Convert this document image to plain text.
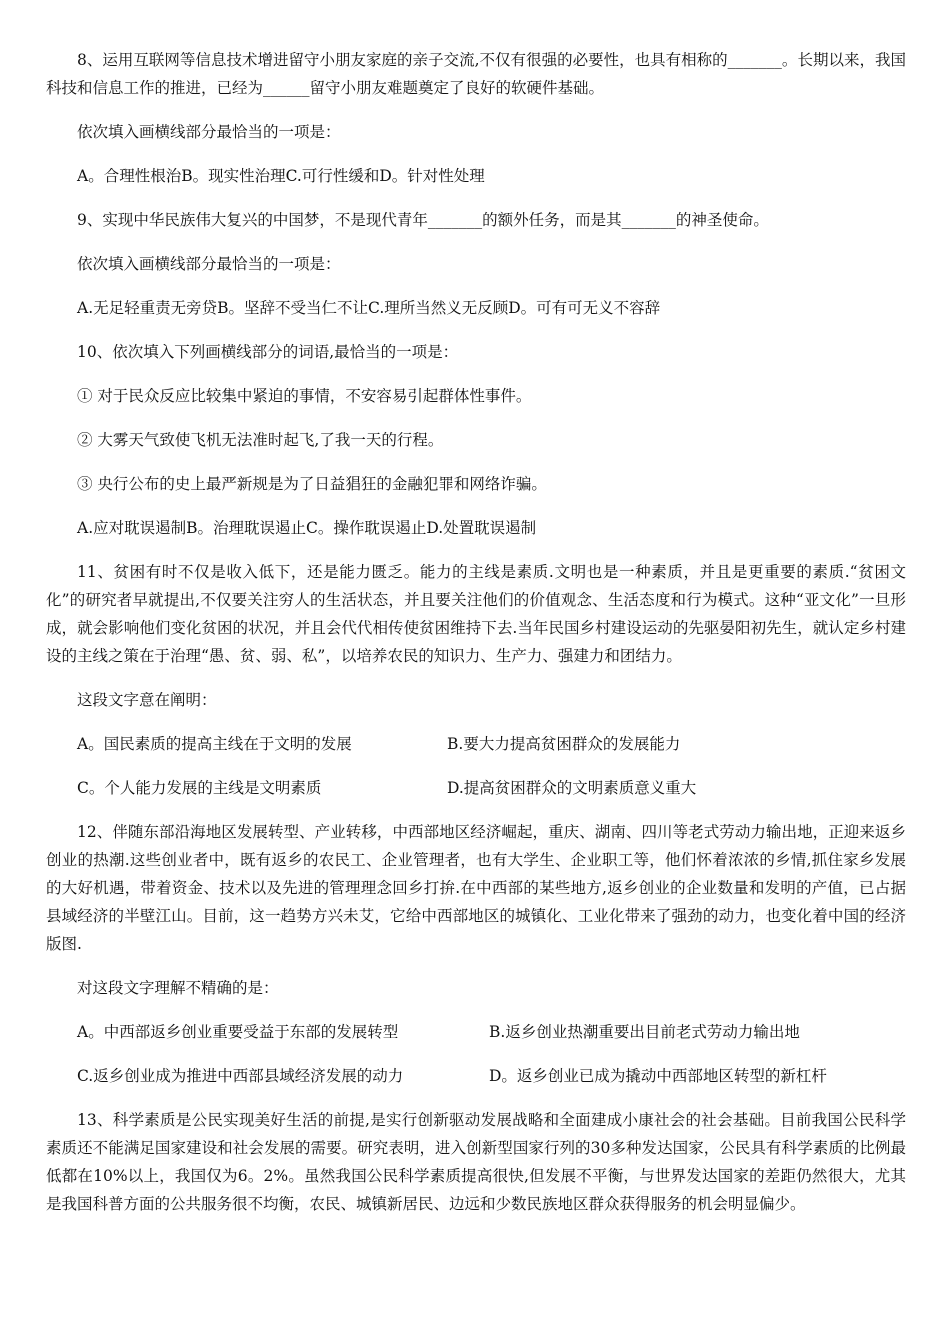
8、运用互联网等信息技术增进留守小朋友家庭的亲子交流,不仅有很强的必要性，也具有相称的_______。长期以来，我国科技和信息工作的推进，已经为______留守小朋友难题奠定了良好的软硬件基础。

依次填入画横线部分最恰当的一项是：

A。合理性根治B。现实性治理C.可行性缓和D。针对性处理

9、实现中华民族伟大复兴的中国梦，不是现代青年_______的额外任务，而是其_______的神圣使命。

依次填入画横线部分最恰当的一项是：

A.无足轻重责无旁贷B。坚辞不受当仁不让C.理所当然义无反顾D。可有可无义不容辞

10、依次填入下列画横线部分的词语,最恰当的一项是：

① 对于民众反应比较集中紧迫的事情，不安容易引起群体性事件。

② 大雾天气致使飞机无法准时起飞,了我一天的行程。

③ 央行公布的史上最严新规是为了日益猖狂的金融犯罪和网络诈骗。

A.应对耽误遏制B。治理耽误遏止C。操作耽误遏止D.处置耽误遏制

11、贫困有时不仅是收入低下，还是能力匮乏。能力的主线是素质.文明也是一种素质，并且是更重要的素质.“贫困文化”的研究者早就提出,不仅要关注穷人的生活状态，并且要关注他们的价值观念、生活态度和行为模式。这种“亚文化”一旦形成，就会影响他们变化贫困的状况，并且会代代相传使贫困维持下去.当年民国乡村建设运动的先驱晏阳初先生，就认定乡村建设的主线之策在于治理“愚、贫、弱、私”，以培养农民的知识力、生产力、强建力和团结力。

这段文字意在阐明：

A。国民素质的提高主线在于文明的发展	B.要大力提高贫困群众的发展能力
C。个人能力发展的主线是文明素质	D.提高贫困群众的文明素质意义重大

12、伴随东部沿海地区发展转型、产业转移，中西部地区经济崛起，重庆、湖南、四川等老式劳动力输出地，正迎来返乡创业的热潮.这些创业者中，既有返乡的农民工、企业管理者，也有大学生、企业职工等，他们怀着浓浓的乡情,抓住家乡发展的大好机遇，带着资金、技术以及先进的管理理念回乡打拚.在中西部的某些地方,返乡创业的企业数量和发明的产值，已占据县域经济的半壁江山。目前，这一趋势方兴未艾，它给中西部地区的城镇化、工业化带来了强劲的动力，也变化着中国的经济版图.

对这段文字理解不精确的是：

A。中西部返乡创业重要受益于东部的发展转型	B.返乡创业热潮重要出目前老式劳动力输出地
C.返乡创业成为推进中西部县域经济发展的动力	D。返乡创业已成为撬动中西部地区转型的新杠杆

13、科学素质是公民实现美好生活的前提,是实行创新驱动发展战略和全面建成小康社会的社会基础。目前我国公民科学素质还不能满足国家建设和社会发展的需要。研究表明，进入创新型国家行列的30多种发达国家，公民具有科学素质的比例最低都在10%以上，我国仅为6。2%。虽然我国公民科学素质提高很快,但发展不平衡，与世界发达国家的差距仍然很大，尤其是我国科普方面的公共服务很不均衡，农民、城镇新居民、边远和少数民族地区群众获得服务的机会明显偏少。
